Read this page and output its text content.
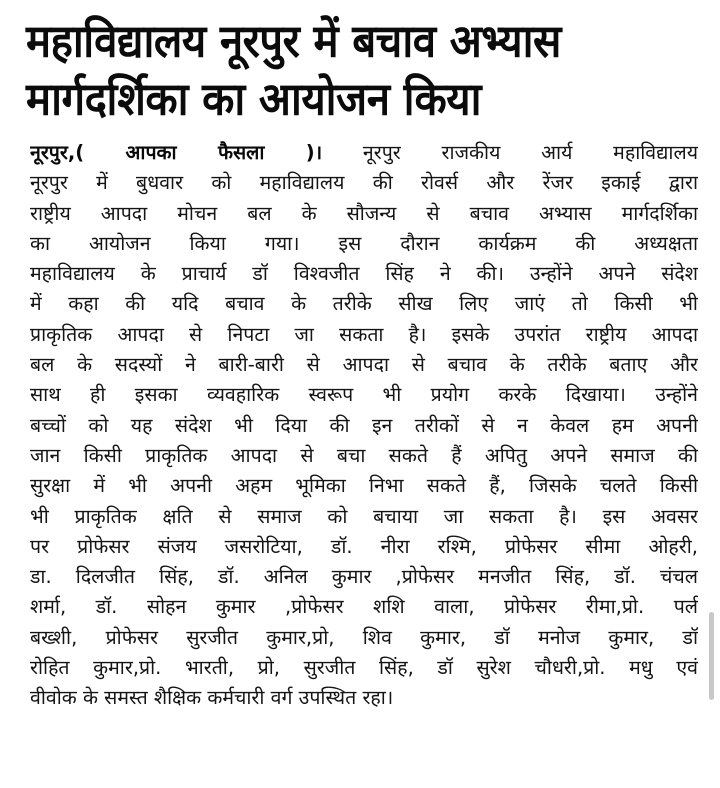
महाविद्यालय नूरपुर में बचाव अभ्यास
मार्गदर्शिका का आयोजन किया
नूरपुर,( आपका फैसला )। नूरपुर राजकीय आर्य महाविद्यालय
नूरपुर में बुधवार को महाविद्यालय की रोवर्स और रेंजर इकाई द्वारा
राष्ट्रीय आपदा मोचन बल के सौजन्य से बचाव अभ्यास मार्गदर्शिका
का आयोजन किया गया। इस दौरान कार्यक्रम की अध्यक्षता
महाविद्यालय के प्राचार्य डॉ विश्वजीत सिंह ने की। उन्होंने अपने संदेश
में कहा की यदि बचाव के तरीके सीख लिए जाएं तो किसी भी
प्राकृतिक आपदा से निपटा जा सकता है। इसके उपरांत राष्ट्रीय आपदा
बल के सदस्यों ने बारी-बारी से आपदा से बचाव के तरीके बताए और
साथ ही इसका व्यवहारिक स्वरूप भी प्रयोग करके दिखाया। उन्होंने
बच्चों को यह संदेश भी दिया की इन तरीकों से न केवल हम अपनी
जान किसी प्राकृतिक आपदा से बचा सकते हैं अपितु अपने समाज की
सुरक्षा में भी अपनी अहम भूमिका निभा सकते हैं, जिसके चलते किसी
भी प्राकृतिक क्षति से समाज को बचाया जा सकता है। इस अवसर
पर प्रोफेसर संजय जसरोटिया, डॉ. नीरा रश्मि, प्रोफेसर सीमा ओहरी,
डा. दिलजीत सिंह, डॉ. अनिल कुमार ,प्रोफेसर मनजीत सिंह, डॉ. चंचल
शर्मा, डॉ. सोहन कुमार ,प्रोफेसर शशि वाला, प्रोफेसर रीमा,प्रो. पर्ल
बख्शी, प्रोफेसर सुरजीत कुमार,प्रो, शिव कुमार, डॉ मनोज कुमार, डॉ
रोहित कुमार,प्रो. भारती, प्रो, सुरजीत सिंह, डॉ सुरेश चौधरी,प्रो. मधु एवं
वीवोक के समस्त शैक्षिक कर्मचारी वर्ग उपस्थित रहा।
